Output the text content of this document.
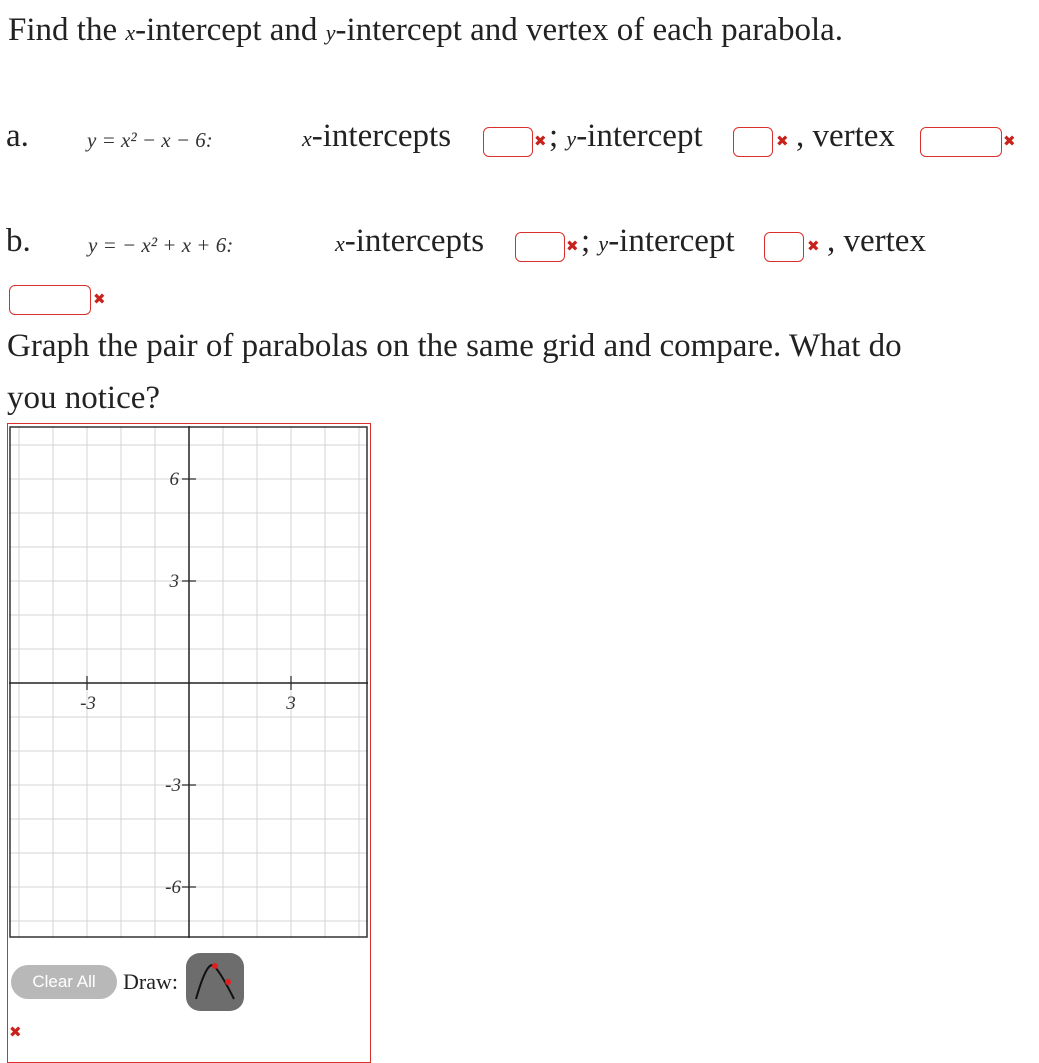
Find the x-intercept and y-intercept and vertex of each parabola.
a.	y = x² − x − 6:	x-intercepts	✖ ; y-intercept	✖ , vertex	✖
b.	y = − x² + x + 6:	x-intercepts	✖ ; y-intercept	✖ , vertex
✖
Graph the pair of parabolas on the same grid and compare. What do
you notice?
-3	3
6
3
-3
-6
Clear All	Draw:
✖
